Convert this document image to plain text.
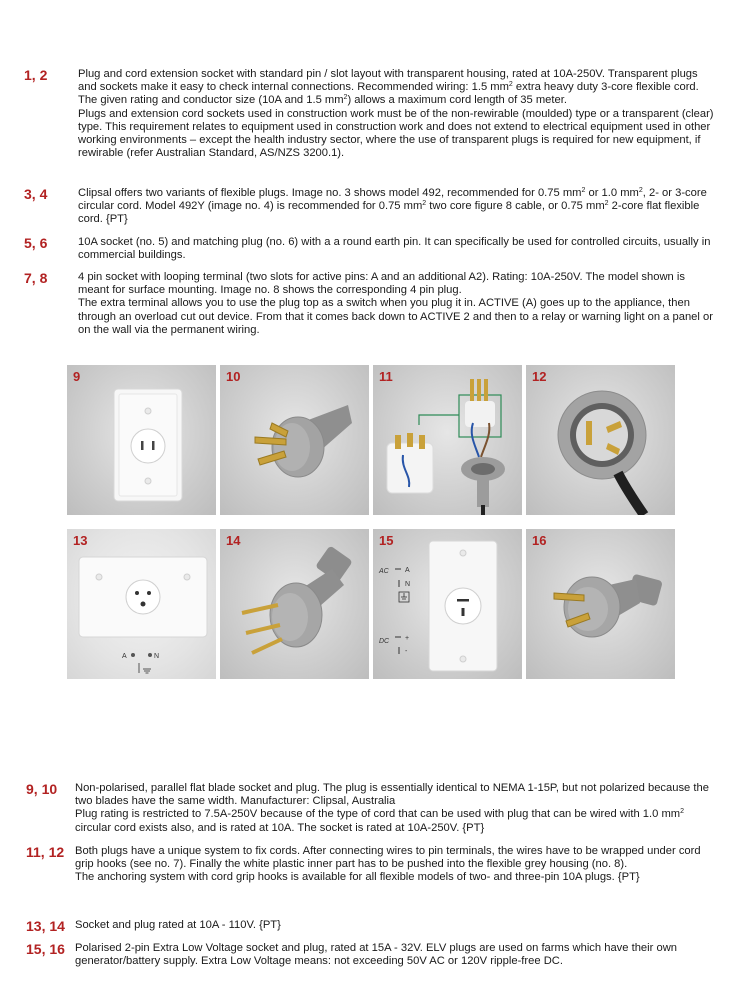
1, 2	Plug and cord extension socket with standard pin / slot layout with transparent housing, rated at 10A-250V. Transparent plugs and sockets make it easy to check internal connections. Recommended wiring: 1.5 $mm^2$ extra heavy duty 3-core flexible cord. The given rating and conductor size (10A and 1.5 $mm^2$) allows a maximum cord length of 35 meter.

Plugs and extension cord sockets used in construction work must be of the non-rewirable (moulded) type or a transparent (clear) type. This requirement relates to equipment used in construction work and does not extend to electrical equipment used in other working environments – except the health industry sector, where the use of transparent plugs is required for new equipment, if rewirable (refer Australian Standard, AS/NZS 3200.1).

3, 4	Clipsal offers two variants of flexible plugs. Image no. 3 shows model 492, recommended for 0.75 $mm^2$ or 1.0 $mm^2$, 2- or 3-core circular cord. Model 492Y (image no. 4) is recommended for 0.75 $mm^2$ two core figure 8 cable, or 0.75 $mm^2$ 2-core flat flexible cord. {PT}

5, 6	10A socket (no. 5) and matching plug (no. 6) with a a round earth pin. It can specifically be used for controlled circuits, usually in commercial buildings.

7, 8	4 pin socket with looping terminal (two slots for active pins: A and an additional A2). Rating: 10A-250V. The model shown is meant for surface mounting. Image no. 8 shows the corresponding 4 pin plug.

The extra terminal allows you to use the plug top as a switch when you plug it in. ACTIVE (A) goes up to the appliance, then through an overload cut out device. From that it comes back down to ACTIVE 2 and then to a relay or warning light on a panel or on the wall via the permanent wiring.

9	10	11	12
A	N
13	14
AC
DC
A
N
+
-
15	16
9, 10 Non-polarised, parallel flat blade socket and plug. The plug is essentially identical to NEMA 1-15P, but not polarized because the two blades have the same width. Manufacturer: Clipsal, Australia

Plug rating is restricted to 7.5A-250V because of the type of cord that can be used with plug that can be wired with 1.0 $mm^2$ circular cord exists also, and is rated at 10A. The socket is rated at 10A-250V. {PT}

11, 12 Both plugs have a unique system to fix cords. After connecting wires to pin terminals, the wires have to be wrapped under cord grip hooks (see no. 7). Finally the white plastic inner part has to be pushed into the flexible grey housing (no. 8).

The anchoring system with cord grip hooks is available for all flexible models of two- and three-pin 10A plugs. {PT}

13, 14 Socket and plug rated at 10A - 110V. {PT}

15, 16 Polarised 2-pin Extra Low Voltage socket and plug, rated at 15A - 32V. ELV plugs are used on farms which have their own generator/battery supply. Extra Low Voltage means: not exceeding 50V AC or 120V ripple-free DC.
